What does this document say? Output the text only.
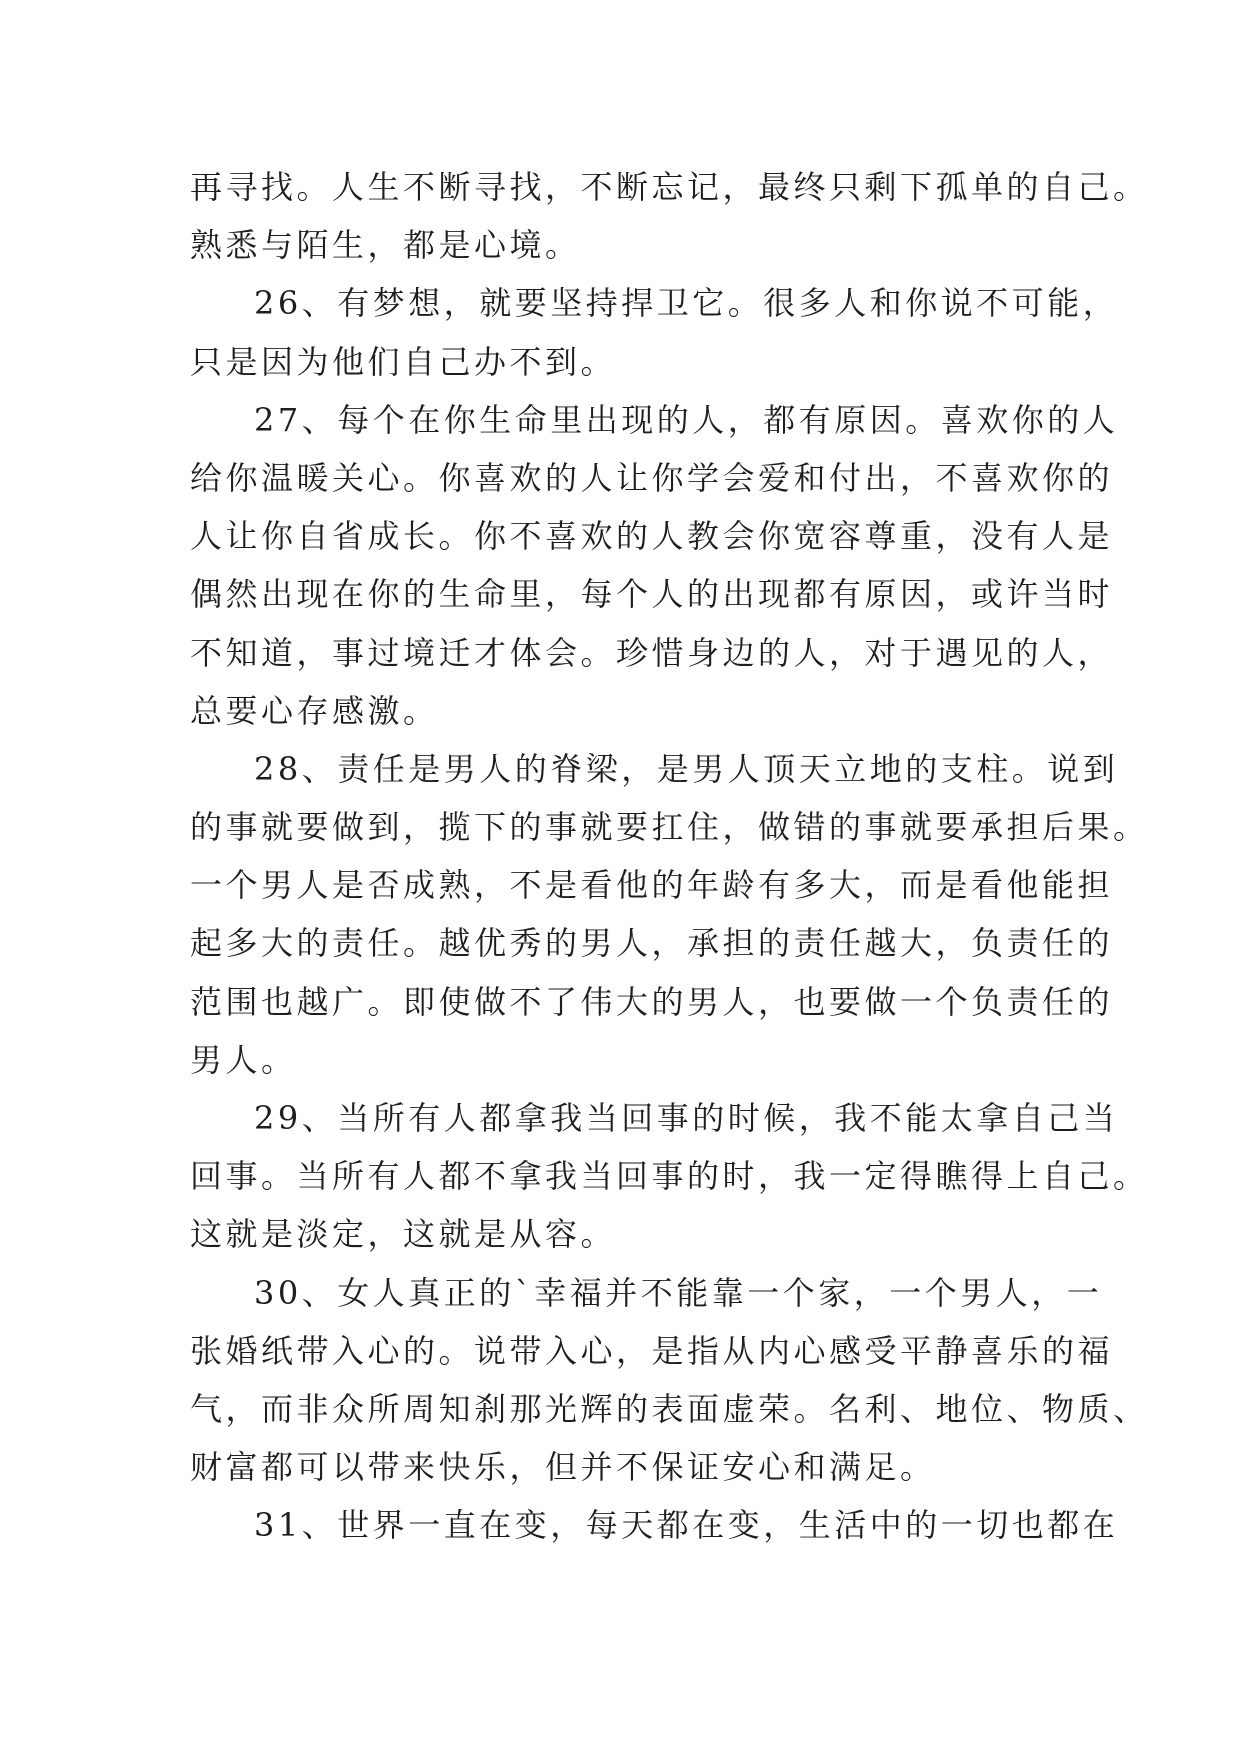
再寻找。人生不断寻找，不断忘记，最终只剩下孤单的自己。
熟悉与陌生，都是心境。
26、有梦想，就要坚持捍卫它。很多人和你说不可能，
只是因为他们自己办不到。
27、每个在你生命里出现的人，都有原因。喜欢你的人
给你温暖关心。你喜欢的人让你学会爱和付出，不喜欢你的
人让你自省成长。你不喜欢的人教会你宽容尊重，没有人是
偶然出现在你的生命里，每个人的出现都有原因，或许当时
不知道，事过境迁才体会。珍惜身边的人，对于遇见的人，
总要心存感激。
28、责任是男人的脊梁，是男人顶天立地的支柱。说到
的事就要做到，揽下的事就要扛住，做错的事就要承担后果。
一个男人是否成熟，不是看他的年龄有多大，而是看他能担
起多大的责任。越优秀的男人，承担的责任越大，负责任的
范围也越广。即使做不了伟大的男人，也要做一个负责任的
男人。
29、当所有人都拿我当回事的时候，我不能太拿自己当
回事。当所有人都不拿我当回事的时，我一定得瞧得上自己。
这就是淡定，这就是从容。
30、女人真正的`幸福并不能靠一个家，一个男人，一
张婚纸带入心的。说带入心，是指从内心感受平静喜乐的福
气，而非众所周知刹那光辉的表面虚荣。名利、地位、物质、
财富都可以带来快乐，但并不保证安心和满足。
31、世界一直在变，每天都在变，生活中的一切也都在
